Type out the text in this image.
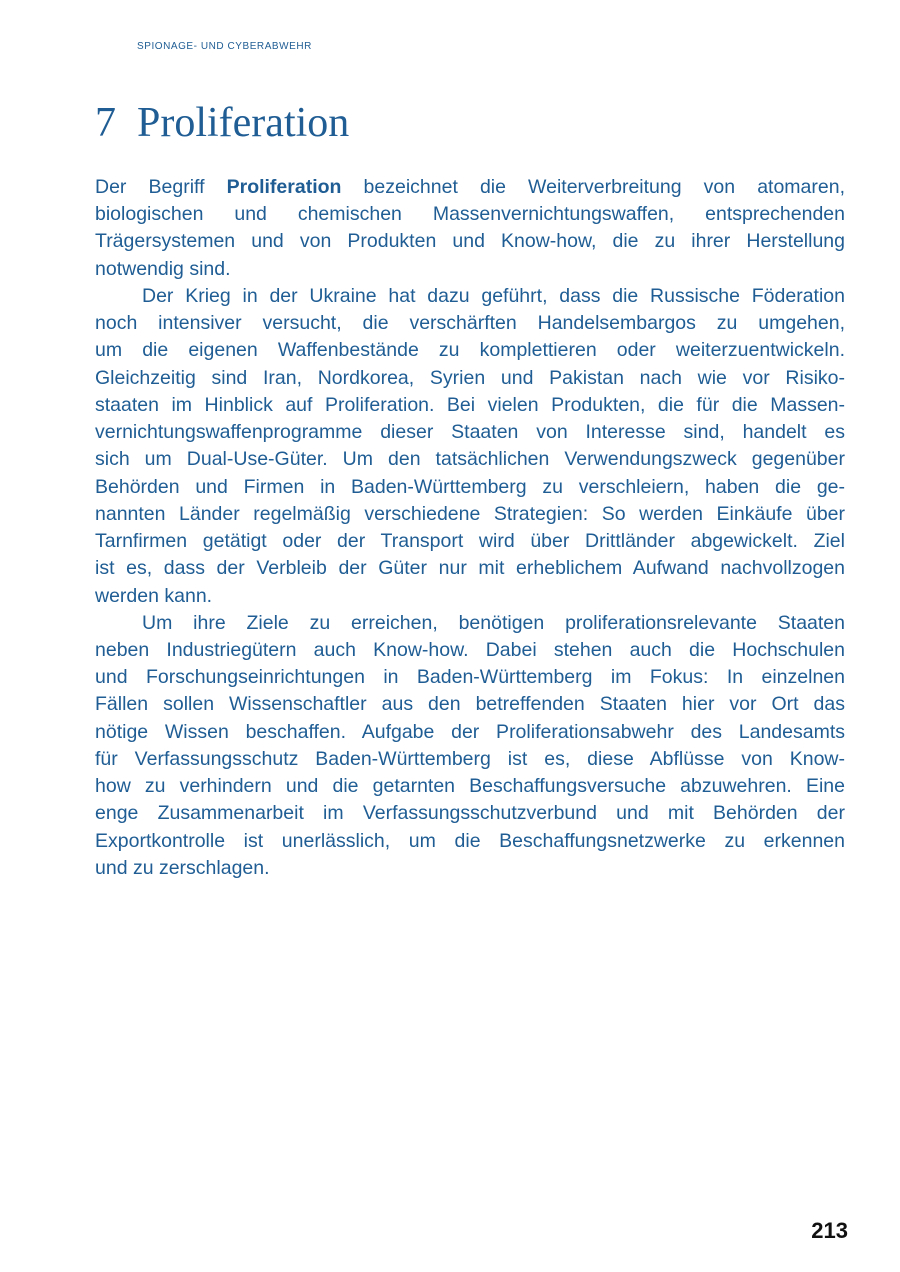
SPIONAGE- UND CYBERABWEHR
7 Proliferation
Der Begriff Proliferation bezeichnet die Weiterverbreitung von atomaren,
biologischen und chemischen Massenvernichtungswaffen, entsprechenden
Trägersystemen und von Produkten und Know-how, die zu ihrer Herstellung
notwendig sind.
Der Krieg in der Ukraine hat dazu geführt, dass die Russische Föderation
noch intensiver versucht, die verschärften Handelsembargos zu umgehen,
um die eigenen Waffenbestände zu komplettieren oder weiterzuentwickeln.
Gleichzeitig sind Iran, Nordkorea, Syrien und Pakistan nach wie vor Risiko-
staaten im Hinblick auf Proliferation. Bei vielen Produkten, die für die Massen-
vernichtungswaffenprogramme dieser Staaten von Interesse sind, handelt es
sich um Dual-Use-Güter. Um den tatsächlichen Verwendungszweck gegenüber
Behörden und Firmen in Baden-Württemberg zu verschleiern, haben die ge-
nannten Länder regelmäßig verschiedene Strategien: So werden Einkäufe über
Tarnfirmen getätigt oder der Transport wird über Drittländer abgewickelt. Ziel
ist es, dass der Verbleib der Güter nur mit erheblichem Aufwand nachvollzogen
werden kann.
Um ihre Ziele zu erreichen, benötigen proliferationsrelevante Staaten
neben Industriegütern auch Know-how. Dabei stehen auch die Hochschulen
und Forschungseinrichtungen in Baden-Württemberg im Fokus: In einzelnen
Fällen sollen Wissenschaftler aus den betreffenden Staaten hier vor Ort das
nötige Wissen beschaffen. Aufgabe der Proliferationsabwehr des Landesamts
für Verfassungsschutz Baden-Württemberg ist es, diese Abflüsse von Know-
how zu verhindern und die getarnten Beschaffungsversuche abzuwehren. Eine
enge Zusammenarbeit im Verfassungsschutzverbund und mit Behörden der
Exportkontrolle ist unerlässlich, um die Beschaffungsnetzwerke zu erkennen
und zu zerschlagen.
213
